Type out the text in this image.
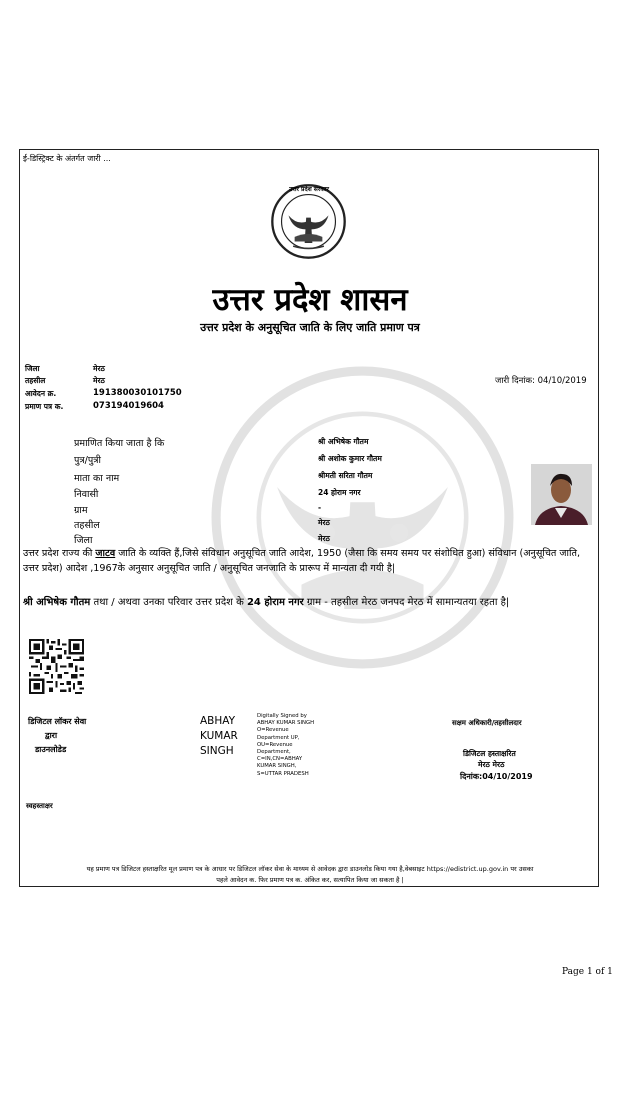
ई-डिस्ट्रिक्ट के अंतर्गत जारी ...
उत्तर प्रदेश सरकार
उत्तर प्रदेश शासन
उत्तर प्रदेश के अनुसूचित जाति के लिए जाति प्रमाण पत्र
जिला	मेरठ
तहसील	मेरठ
आवेदन क्र.	191380030101750
प्रमाण पत्र क.	073194019604
जारी दिनांक: 04/10/2019
प्रमाणित किया जाता है कि	श्री अभिषेक गौतम
पुत्र/पुत्री	श्री अशोक कुमार गौतम
माता का नाम	श्रीमती सरिता गौतम
निवासी	24 होराम नगर
ग्राम	-
तहसील	मेरठ
जिला	मेरठ
उत्तर प्रदेश राज्य की जाटव जाति के व्यक्ति हैं,जिसे संविधान अनुसूचित जाति आदेश, 1950 (जैसा कि समय समय पर संशोधित हुआ) संविधान (अनुसूचित जाति, उत्तर प्रदेश) आदेश ,1967के अनुसार अनुसूचित जाति / अनुसूचित जनजाति के प्रारूप में मान्यता दी गयी है|
श्री अभिषेक गौतम तथा / अथवा उनका परिवार उत्तर प्रदेश के 24 होराम नगर ग्राम - तहसील मेरठ जनपद मेरठ में सामान्यतया रहता है|
डिजिटल लॉकर सेवा
द्वारा
डाउनलोडेड
स्वहस्ताक्षर
ABHAY
KUMAR
SINGH
Digitally Signed by ABHAY KUMAR SINGH O=Revenue Department UP, OU=Revenue Department, C=IN,CN=ABHAY KUMAR SINGH, S=UTTAR PRADESH
सक्षम अधिकारी/तहसीलदार
डिजिटल हस्ताक्षरित
मेरठ मेरठ
दिनांक:04/10/2019
यह प्रमाण पत्र डिजिटल हस्ताक्षरित मूल प्रमाण पत्र के आधार पर डिजिटल लॉकर सेवा के माध्यम से आवेदक द्वारा डाउनलोड किया गया है,वेबसाइट https://edistrict.up.gov.in पर उसका
पहले आवेदन क. फिर प्रमाण पत्र क. अंकित कर, सत्यापित किया जा सकता है |
Page 1 of 1
